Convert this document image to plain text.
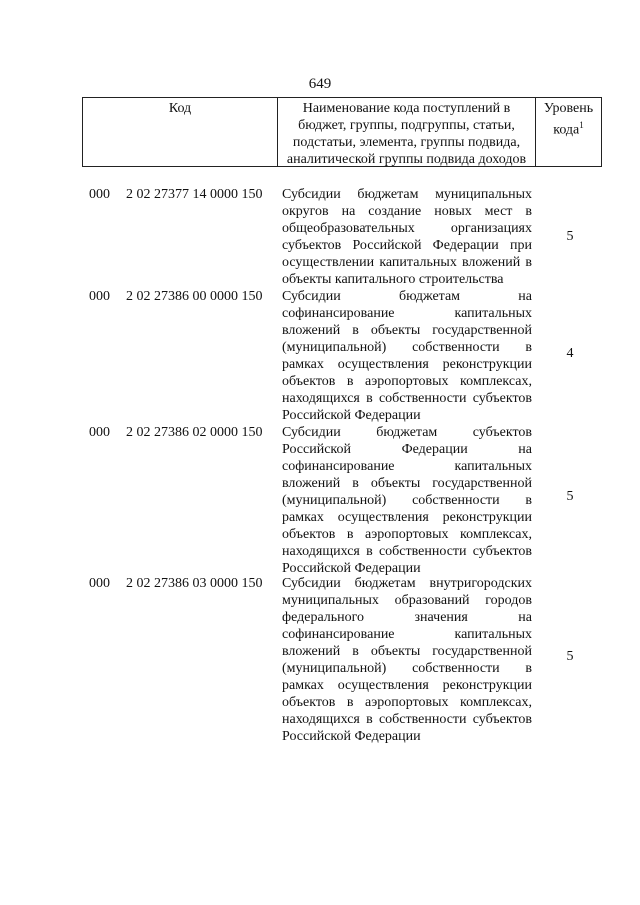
649
Код	Наименование кода поступлений в бюджет, группы, подгруппы, статьи, подстатьи, элемента, группы подвида, аналитической группы подвида доходов
Уровень кода$^1$
000 2 02 27377 14 0000 150 Субсидии бюджетам муниципальных округов на создание новых мест в общеобразовательных организациях субъектов Российской Федерации при осуществлении капитальных вложений в объекты капитального строительства
5
000 2 02 27386 00 0000 150 Субсидии бюджетам на софинансирование капитальных вложений в объекты государственной (муниципальной) собственности в рамках осуществления реконструкции объектов в аэропортовых комплексах, находящихся в собственности субъектов Российской Федерации
4
000 2 02 27386 02 0000 150 Субсидии бюджетам субъектов Российской Федерации на софинансирование капитальных вложений в объекты государственной (муниципальной) собственности в рамках осуществления реконструкции объектов в аэропортовых комплексах, находящихся в собственности субъектов Российской Федерации
5
000 2 02 27386 03 0000 150 Субсидии бюджетам внутригородских муниципальных образований городов федерального значения на софинансирование капитальных вложений в объекты государственной (муниципальной) собственности в рамках осуществления реконструкции объектов в аэропортовых комплексах, находящихся в собственности субъектов Российской Федерации
5
